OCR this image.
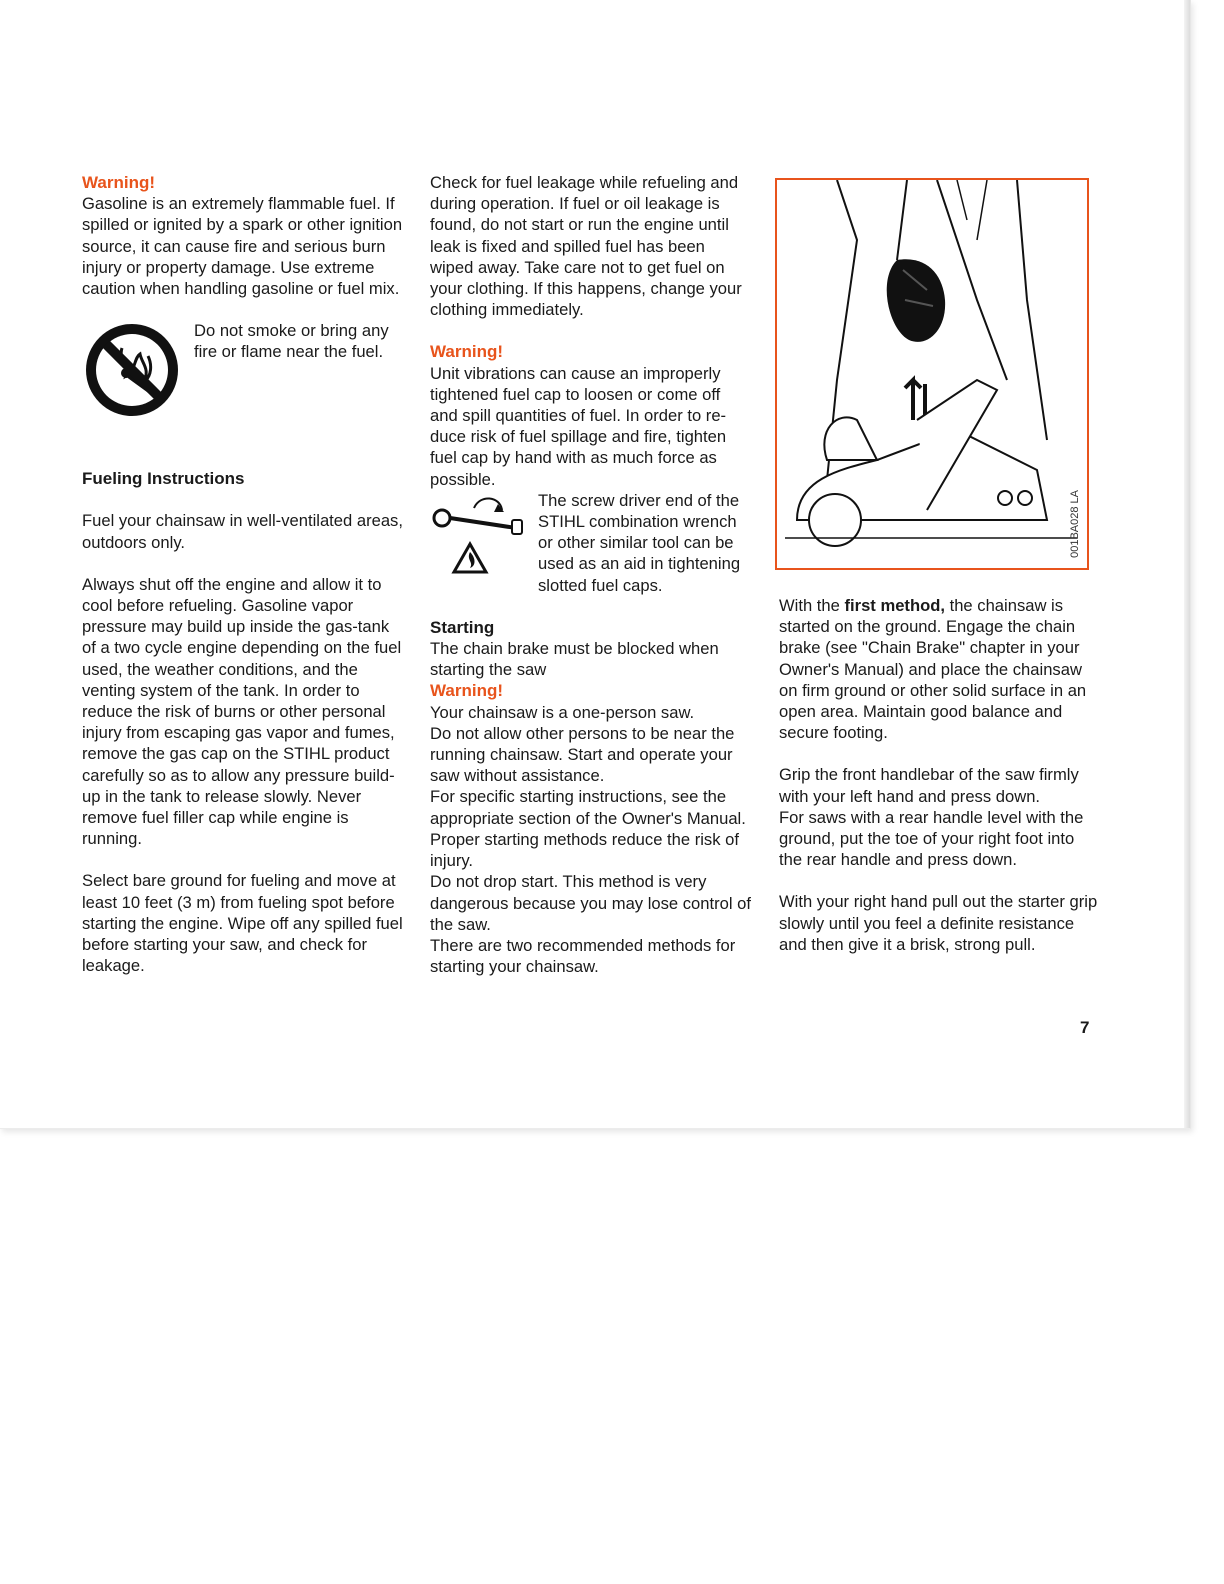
Warning!

Gasoline is an extremely flammable fuel. If spilled or ignited by a spark or other ignition source, it can cause fire and serious burn injury or property damage. Use extreme caution when handling gasoline or fuel mix.

Do not smoke or bring any fire or flame near the fuel.

Fueling Instructions

Fuel your chainsaw in well-ventilated areas, outdoors only.

Always shut off the engine and allow it to cool before refueling. Gasoline vapor pressure may build up inside the gas-tank of a two cycle engine depending on the fuel used, the weather conditions, and the venting system of the tank. In order to reduce the risk of burns or other personal injury from escaping gas vapor and fumes, remove the gas cap on the STIHL product carefully so as to allow any pressure build-up in the tank to release slowly. Never remove fuel filler cap while engine is running.

Select bare ground for fueling and move at least 10 feet (3 m) from fueling spot before starting the engine. Wipe off any spilled fuel before starting your saw, and check for leakage.

Check for fuel leakage while refueling and during operation. If fuel or oil leakage is found, do not start or run the engine until leak is fixed and spilled fuel has been wiped away. Take care not to get fuel on your clothing. If this happens, change your clothing immediately.

Warning!

Unit vibrations can cause an improperly tightened fuel cap to loosen or come off and spill quantities of fuel. In order to re-duce risk of fuel spillage and fire, tighten fuel cap by hand with as much force as possible.

The screw driver end of the STIHL combination wrench or other similar tool can be used as an aid in tightening slotted fuel caps.

Starting

The chain brake must be blocked when starting the saw

Warning!

Your chainsaw is a one-person saw.

Do not allow other persons to be near the running chainsaw. Start and operate your saw without assistance.

For specific starting instructions, see the appropriate section of the Owner's Manual. Proper starting methods reduce the risk of injury.

Do not drop start. This method is very dangerous because you may lose control of the saw.

There are two recommended methods for starting your chainsaw.

001BA028 LA

With the first method, the chainsaw is started on the ground. Engage the chain brake (see "Chain Brake" chapter in your Owner's Manual) and place the chainsaw on firm ground or other solid surface in an open area. Maintain good balance and secure footing.

Grip the front handlebar of the saw firmly with your left hand and press down.

For saws with a rear handle level with the ground, put the toe of your right foot into the rear handle and press down.

With your right hand pull out the starter grip slowly until you feel a definite resistance and then give it a brisk, strong pull.

7
